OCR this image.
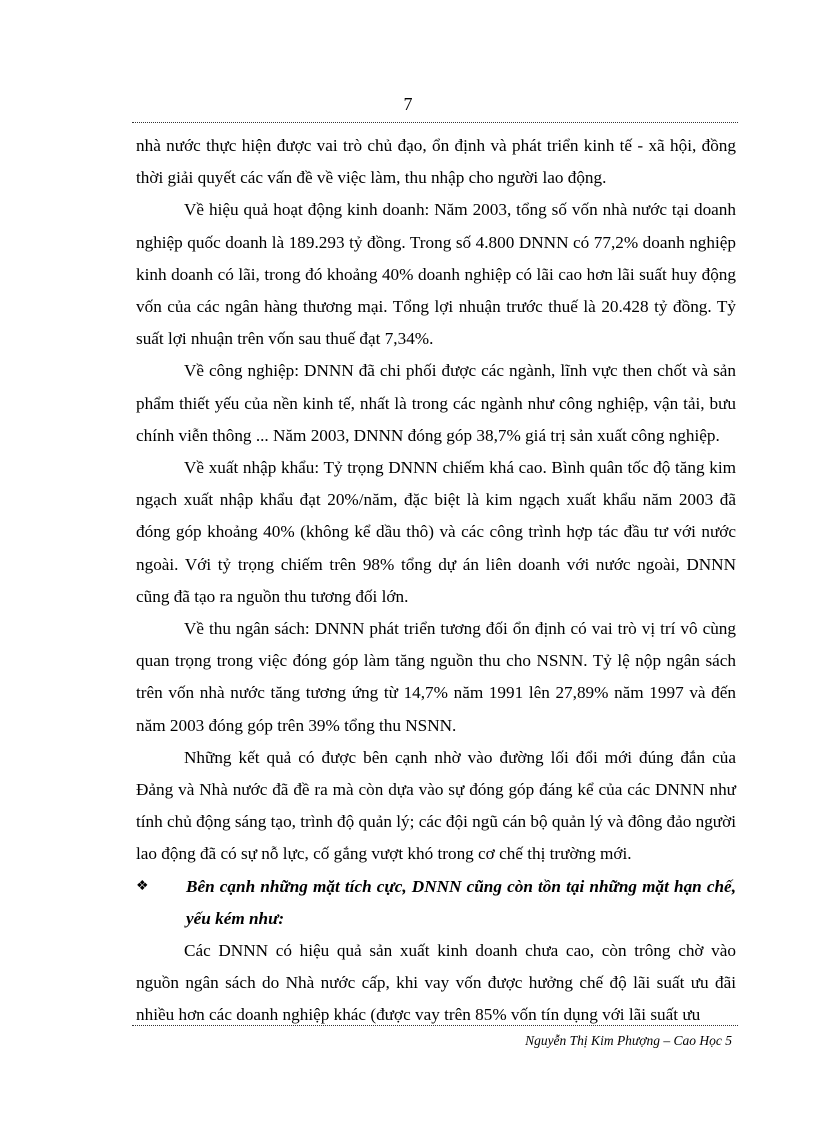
7

nhà nước thực hiện được vai trò chủ đạo, ổn định và phát triển kinh tế - xã hội, đồng thời giải quyết các vấn đề về việc làm, thu nhập cho người lao động.

Về hiệu quả hoạt động kinh doanh: Năm 2003, tổng số vốn nhà nước tại doanh nghiệp quốc doanh là 189.293 tỷ đồng. Trong số 4.800 DNNN có 77,2% doanh nghiệp kinh doanh có lãi, trong đó khoảng 40% doanh nghiệp có lãi cao hơn lãi suất huy động vốn của các ngân hàng thương mại. Tổng lợi nhuận trước thuế là 20.428 tỷ đồng. Tỷ suất lợi nhuận trên vốn sau thuế đạt 7,34%.

Về công nghiệp: DNNN đã chi phối được các ngành, lĩnh vực then chốt và sản phẩm thiết yếu của nền kinh tế, nhất là trong các ngành như công nghiệp, vận tải, bưu chính viễn thông ... Năm 2003, DNNN đóng góp 38,7% giá trị sản xuất công nghiệp.

Về xuất nhập khẩu: Tỷ trọng DNNN chiếm khá cao. Bình quân tốc độ tăng kim ngạch xuất nhập khẩu đạt 20%/năm, đặc biệt là kim ngạch xuất khẩu năm 2003 đã đóng góp khoảng 40% (không kể dầu thô) và các công trình hợp tác đầu tư với nước ngoài. Với tỷ trọng chiếm trên 98% tổng dự án liên doanh với nước ngoài, DNNN cũng đã tạo ra nguồn thu tương đối lớn.

Về thu ngân sách: DNNN phát triển tương đối ổn định có vai trò vị trí vô cùng quan trọng trong việc đóng góp làm tăng nguồn thu cho NSNN. Tỷ lệ nộp ngân sách trên vốn nhà nước tăng tương ứng từ 14,7% năm 1991 lên 27,89% năm 1997 và đến năm 2003 đóng góp trên 39% tổng thu NSNN.

Những kết quả có được bên cạnh nhờ vào đường lối đổi mới đúng đắn của Đảng và Nhà nước đã đề ra mà còn dựa vào sự đóng góp đáng kể của các DNNN như tính chủ động sáng tạo, trình độ quản lý; các đội ngũ cán bộ quản lý và đông đảo người lao động đã có sự nỗ lực, cố gắng vượt khó trong cơ chế thị trường mới.

❖	Bên cạnh những mặt tích cực, DNNN cũng còn tồn tại những mặt hạn chế, yếu kém như:

Các DNNN có hiệu quả sản xuất kinh doanh chưa cao, còn trông chờ vào nguồn ngân sách do Nhà nước cấp, khi vay vốn được hưởng chế độ lãi suất ưu đãi nhiều hơn các doanh nghiệp khác (được vay trên 85% vốn tín dụng với lãi suất ưu

Nguyễn Thị Kim Phượng – Cao Học 5
